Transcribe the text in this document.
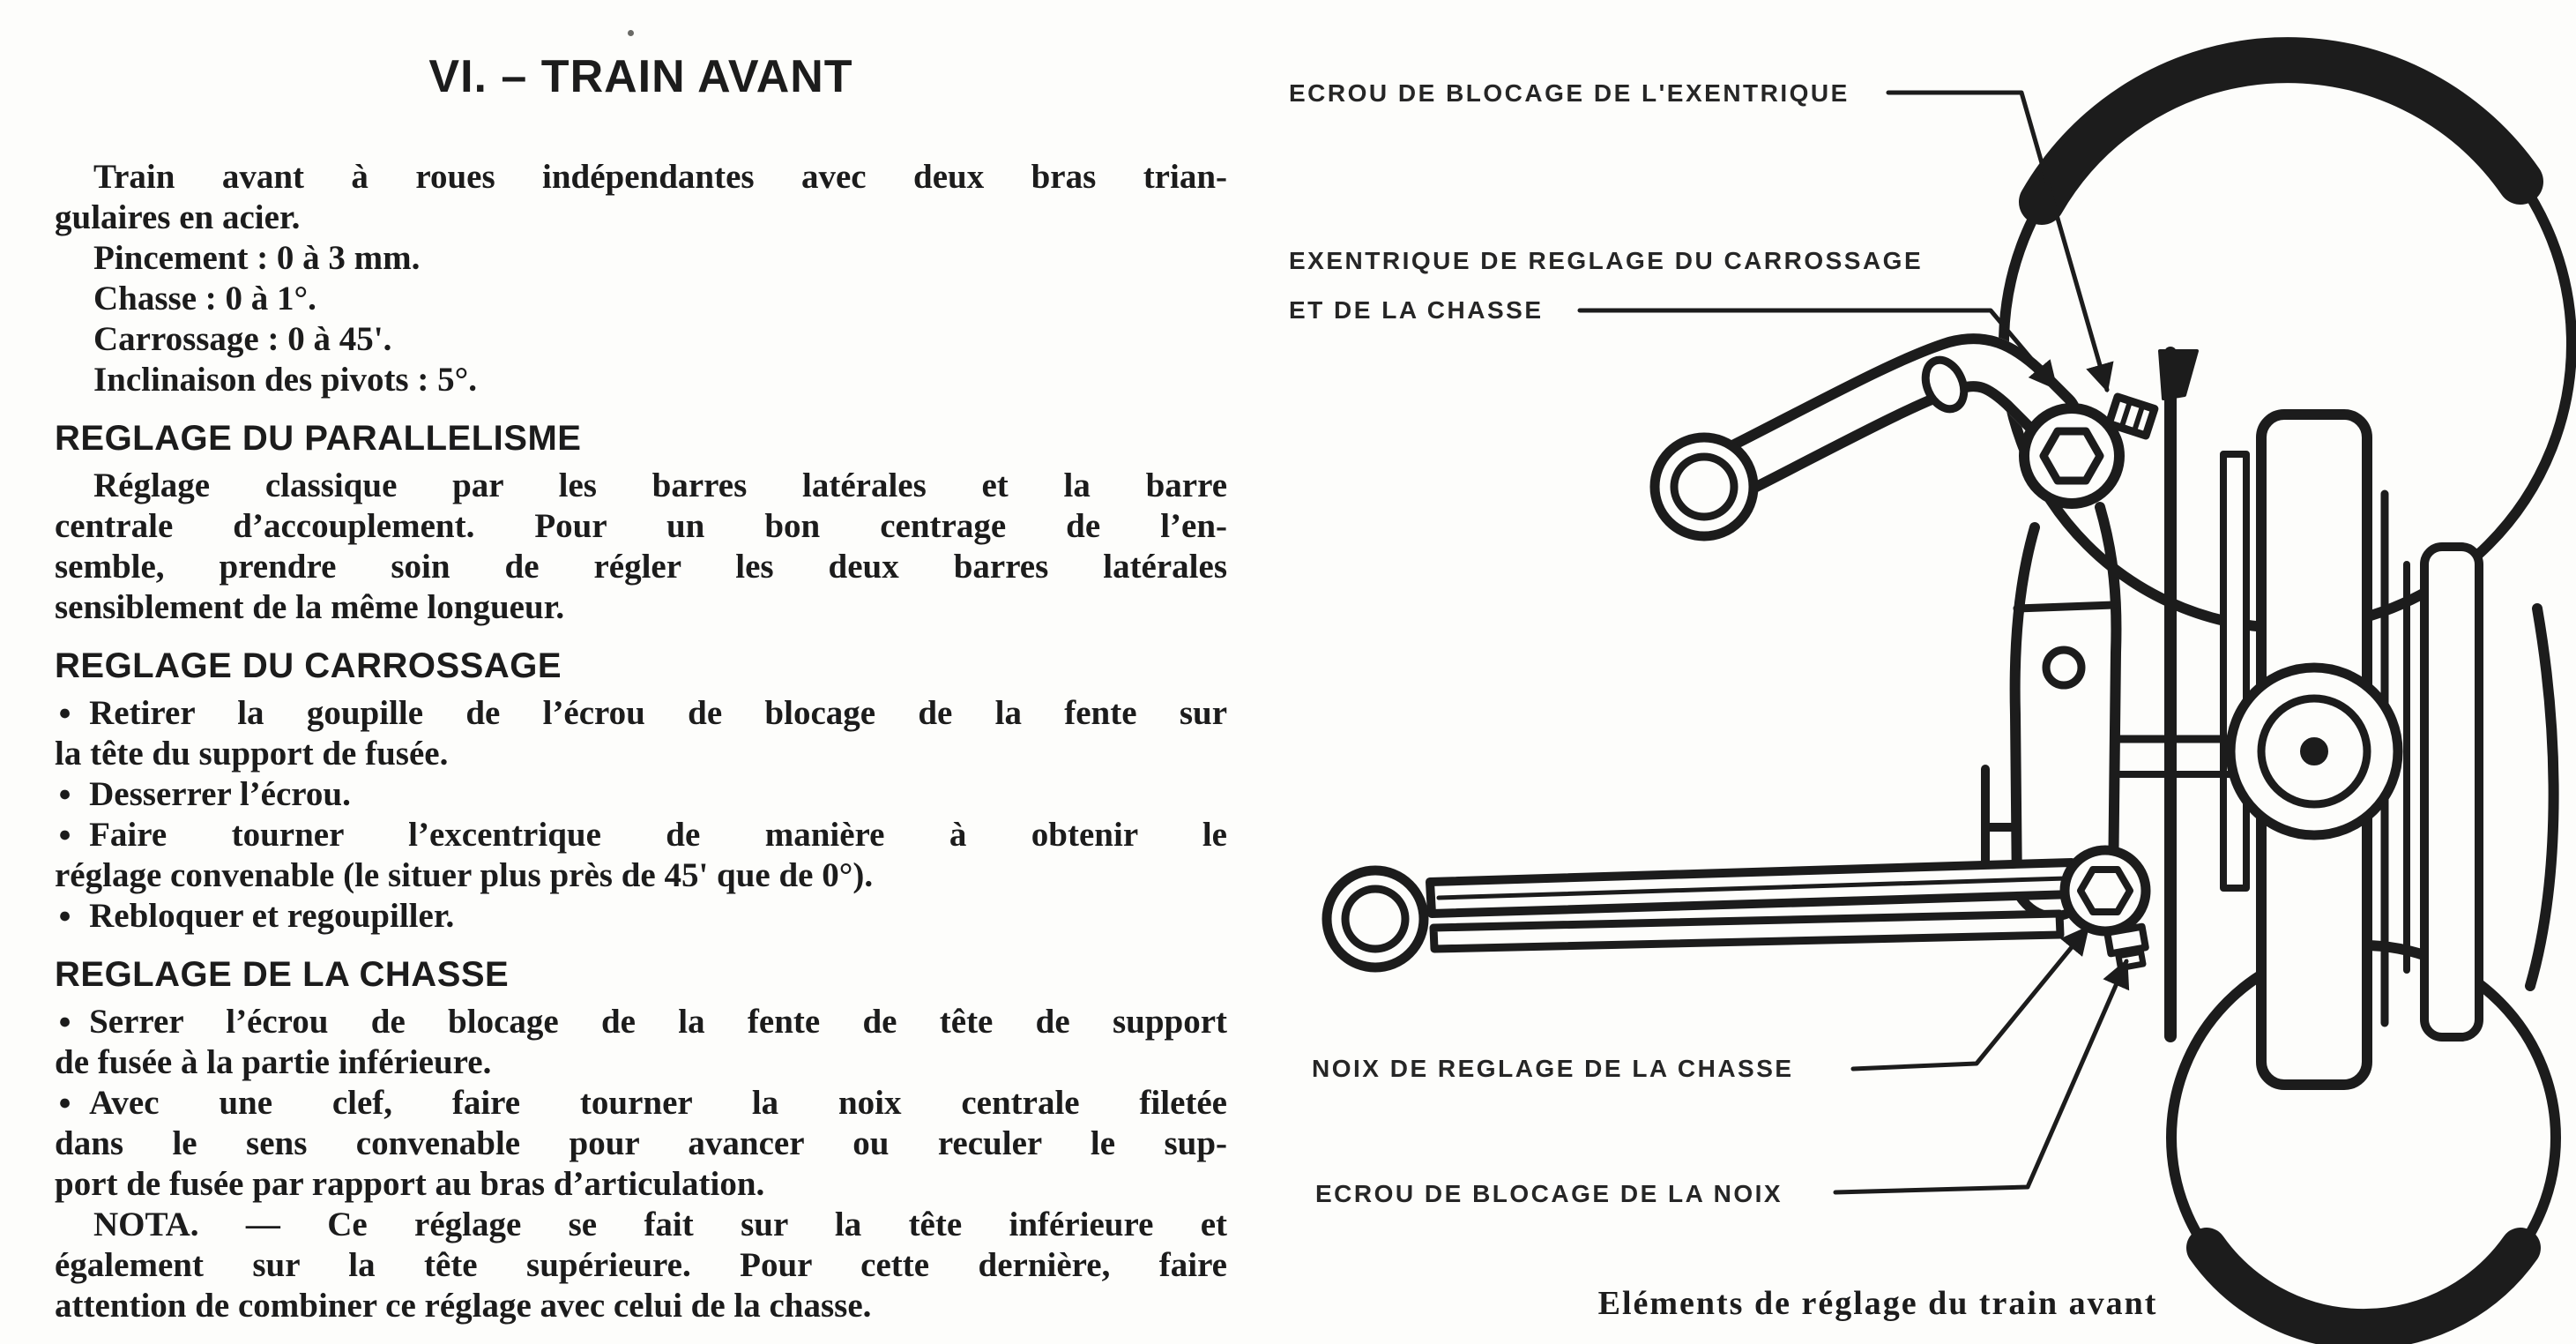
VI. – TRAIN AVANT

Train avant à roues indépendantes avec deux bras trian-
gulaires en acier.

Pincement : 0 à 3 mm.
Chasse : 0 à 1°.
Carrossage : 0 à 45'.
Inclinaison des pivots : 5°.
REGLAGE DU PARALLELISME

Réglage classique par les barres latérales et la barre
centrale d’accouplement. Pour un bon centrage de l’en-
semble, prendre soin de régler les deux barres latérales
sensiblement de la même longueur.

REGLAGE DU CARROSSAGE

● Retirer la goupille de l’écrou de blocage de la fente sur
la tête du support de fusée.

● Desserrer l’écrou.

● Faire tourner l’excentrique de manière à obtenir le
réglage convenable (le situer plus près de 45' que de 0°).

● Rebloquer et regoupiller.

REGLAGE DE LA CHASSE

● Serrer l’écrou de blocage de la fente de tête de support
de fusée à la partie inférieure.

● Avec une clef, faire tourner la noix centrale filetée
dans le sens convenable pour avancer ou reculer le sup-
port de fusée par rapport au bras d’articulation.

NOTA. — Ce réglage se fait sur la tête inférieure et
également sur la tête supérieure. Pour cette dernière, faire
attention de combiner ce réglage avec celui de la chasse.

ECROU DE BLOCAGE DE L'EXENTRIQUE
EXENTRIQUE DE REGLAGE DU CARROSSAGE
ET DE LA CHASSE
NOIX DE REGLAGE DE LA CHASSE
ECROU DE BLOCAGE DE LA NOIX
Eléments de réglage du train avant
